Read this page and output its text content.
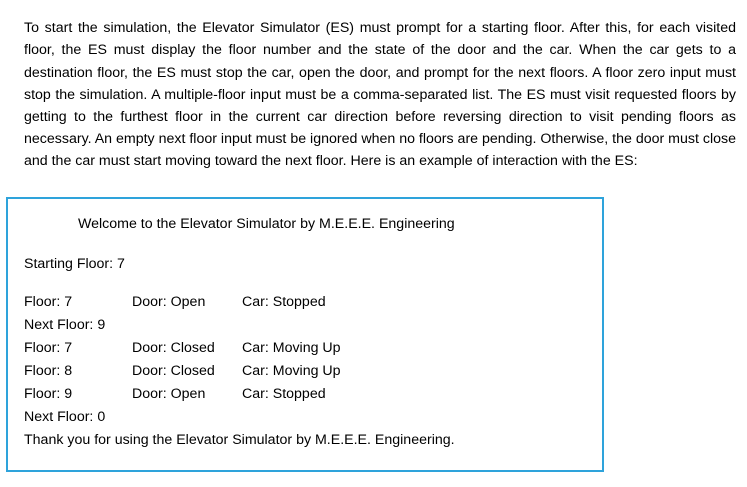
To start the simulation, the Elevator Simulator (ES) must prompt for a starting floor. After this, for each visited floor, the ES must display the floor number and the state of the door and the car. When the car gets to a destination floor, the ES must stop the car, open the door, and prompt for the next floors. A floor zero input must stop the simulation. A multiple-floor input must be a comma-separated list. The ES must visit requested floors by getting to the furthest floor in the current car direction before reversing direction to visit pending floors as necessary. An empty next floor input must be ignored when no floors are pending. Otherwise, the door must close and the car must start moving toward the next floor. Here is an example of interaction with the ES:

Welcome to the Elevator Simulator by M.E.E.E. Engineering
Starting Floor: 7
Floor: 7	Door: Open	Car: Stopped
Next Floor: 9
Floor: 7	Door: Closed Car: Moving Up
Floor: 8	Door: Closed Car: Moving Up
Floor: 9	Door: Open	Car: Stopped
Next Floor: 0
Thank you for using the Elevator Simulator by M.E.E.E. Engineering.
